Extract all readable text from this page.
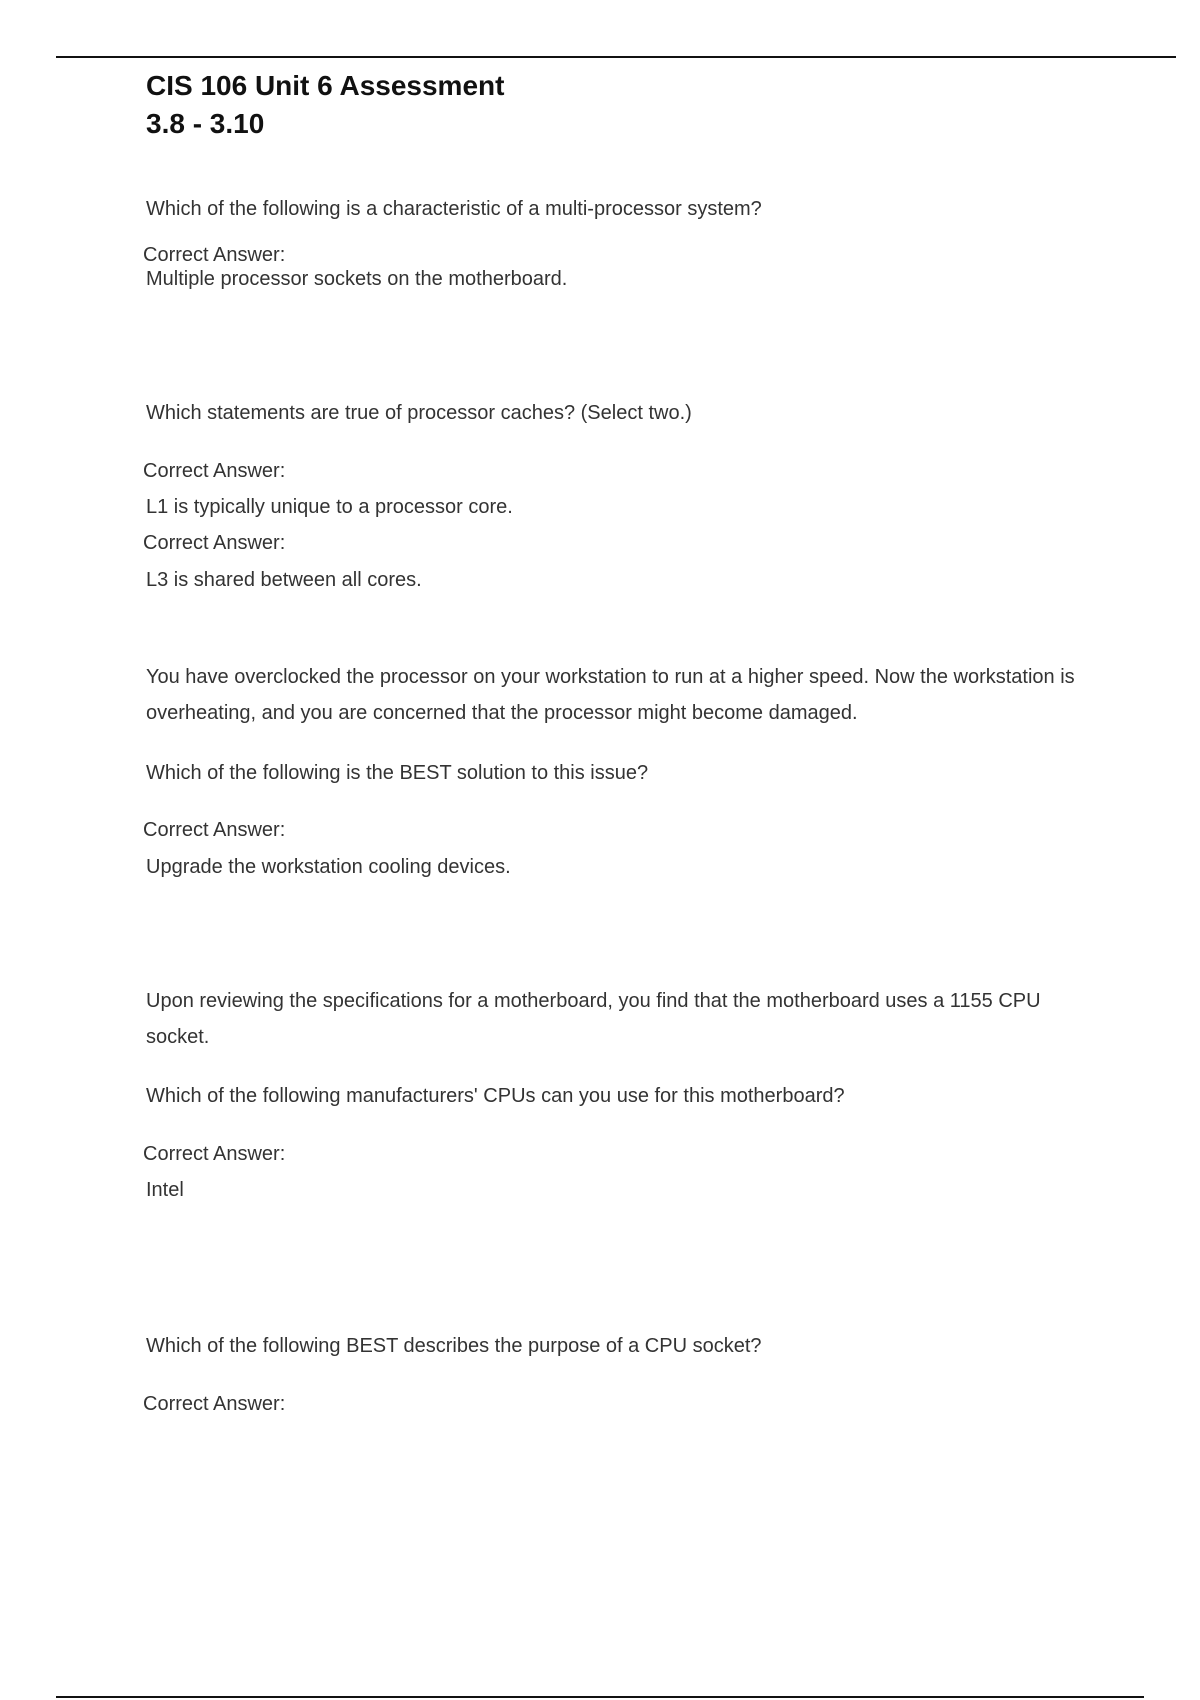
CIS 106 Unit 6 Assessment
3.8 - 3.10
Which of the following is a characteristic of a multi-processor system?
Correct Answer:
Multiple processor sockets on the motherboard.
Which statements are true of processor caches? (Select two.)
Correct Answer:
L1 is typically unique to a processor core.
Correct Answer:
L3 is shared between all cores.
You have overclocked the processor on your workstation to run at a higher speed. Now the workstation is overheating, and you are concerned that the processor might become damaged.
Which of the following is the BEST solution to this issue?
Correct Answer:
Upgrade the workstation cooling devices.
Upon reviewing the specifications for a motherboard, you find that the motherboard uses a 1155 CPU socket.
Which of the following manufacturers' CPUs can you use for this motherboard?
Correct Answer:
Intel
Which of the following BEST describes the purpose of a CPU socket?
Correct Answer:
